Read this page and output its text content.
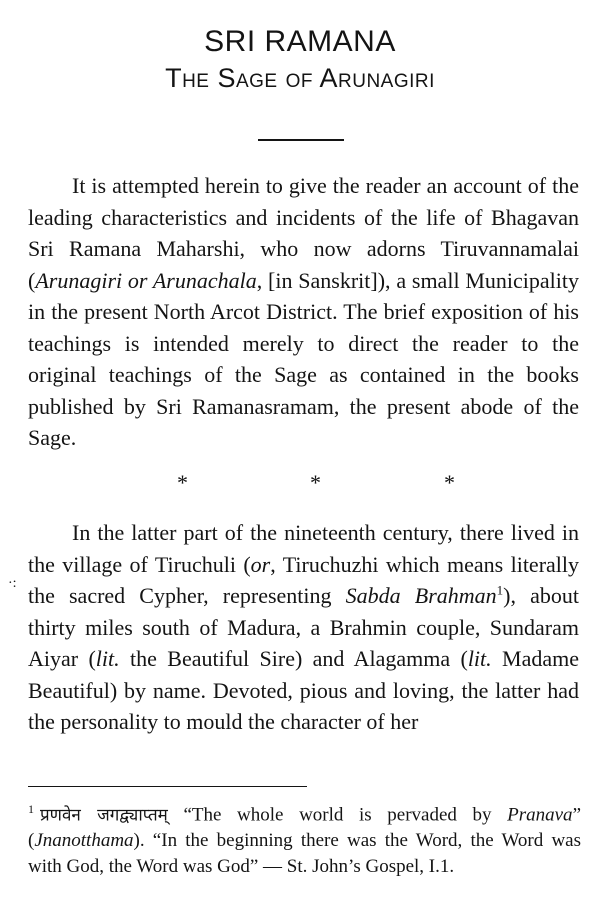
SRI RAMANA
The Sage of Arunagiri

It is attempted herein to give the reader an account of the leading characteristics and incidents of the life of Bhagavan Sri Ramana Maharshi, who now adorns Tiruvannamalai (Arunagiri or Arunachala, [in Sanskrit]), a small Municipality in the present North Arcot District. The brief exposition of his teachings is intended merely to direct the reader to the original teachings of the Sage as contained in the books published by Sri Ramanasramam, the present abode of the Sage.

*	*	*
·:

In the latter part of the nineteenth century, there lived in the village of Tiruchuli (or, Tiruchuzhi which means literally the sacred Cypher, representing Sabda Brahman$^1$), about thirty miles south of Madura, a Brahmin couple, Sundaram Aiyar (lit. the Beautiful Sire) and Alagamma (lit. Madame Beautiful) by name. Devoted, pious and loving, the latter had the personality to mould the character of her

$^1$ प्रणवेन जगद्व्याप्तम् “The whole world is pervaded by Pranava” (Jnanotthama). “In the beginning there was the Word, the Word was with God, the Word was God” — St. John’s Gospel, I.1.
